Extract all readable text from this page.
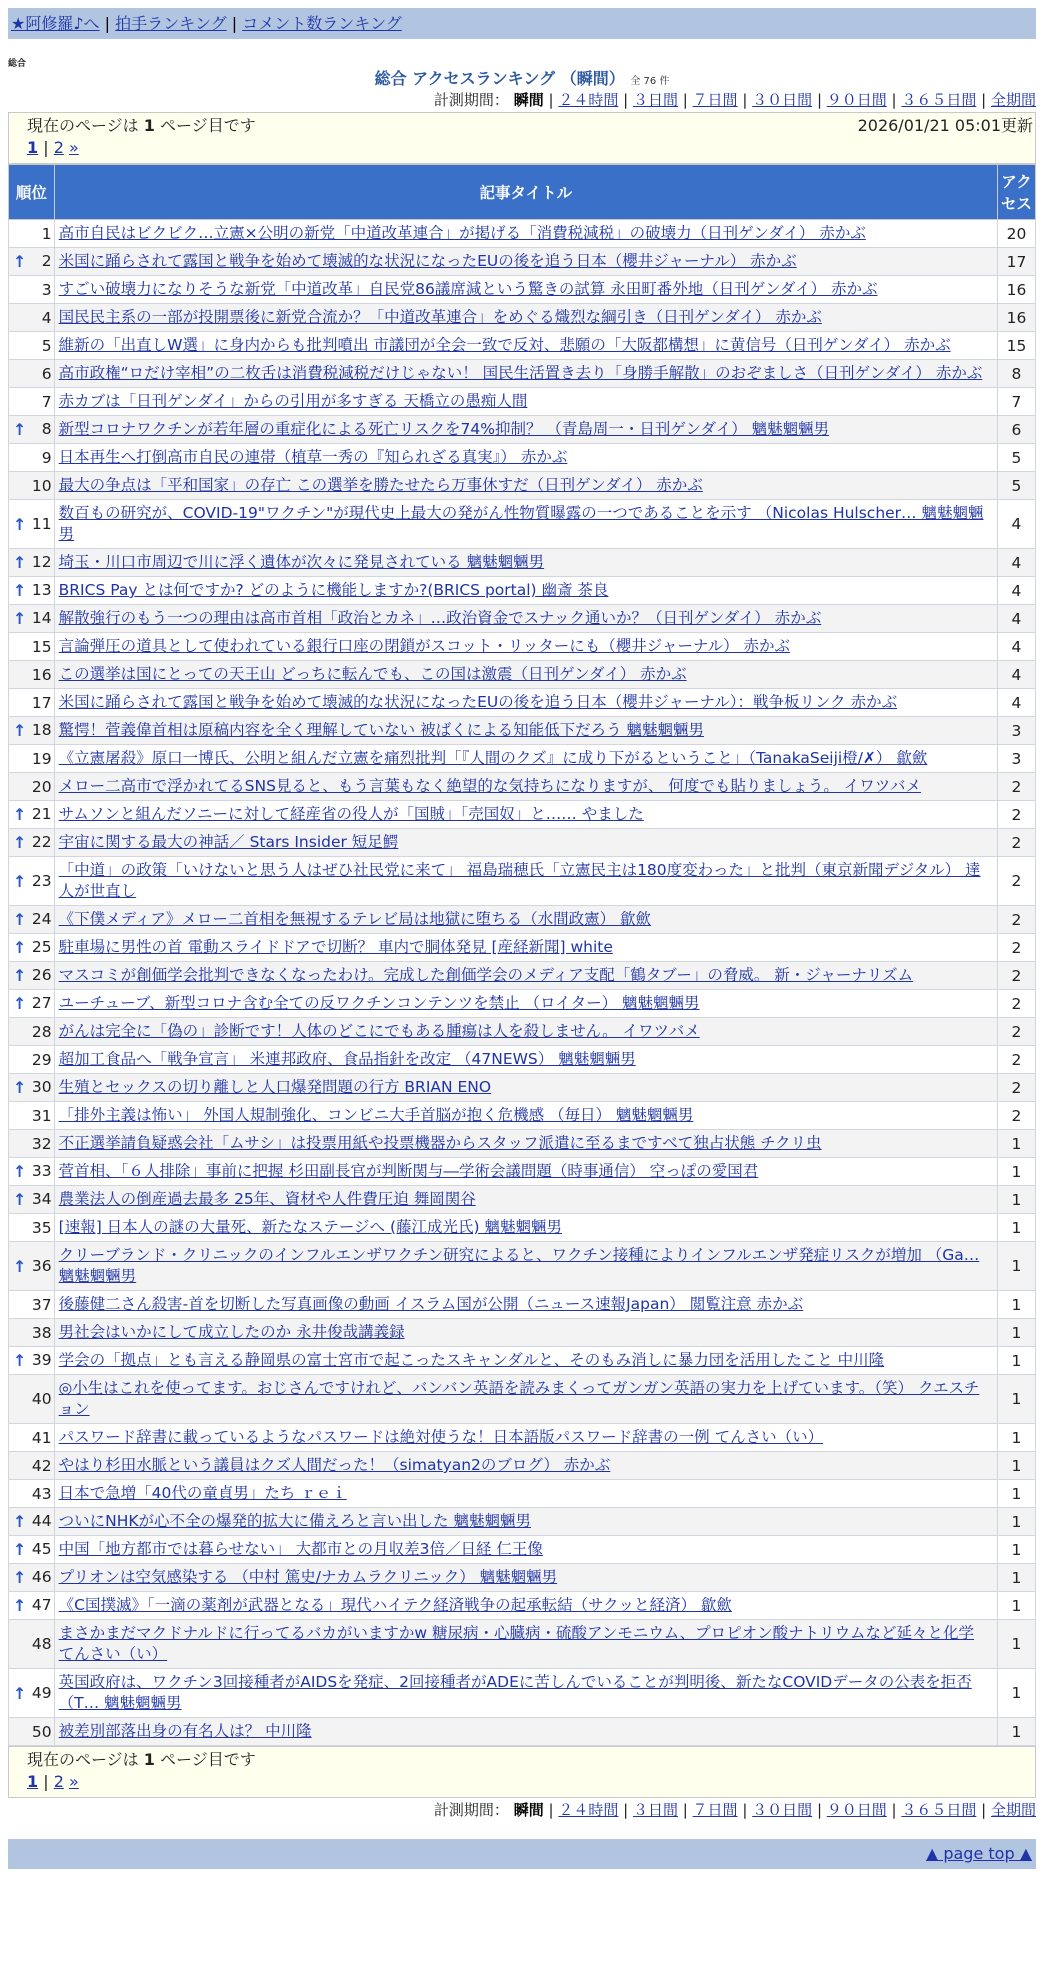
★阿修羅♪へ | 拍手ランキング | コメント数ランキング
総合
総合 アクセスランキング （瞬間） 全 76 件
計測期間： 瞬間 | ２４時間 | ３日間 | ７日間 | ３０日間 | ９０日間 | ３６５日間 | 全期間
現在のページは 1 ページ目です	2026/01/21 05:01更新
1 | 2 »
順位	記事タイトル	アクセス
1	高市自民はビクビク…立憲×公明の新党「中道改革連合」が掲げる「消費税減税」の破壊力（日刊ゲンダイ） 赤かぶ	20

↑ 2	米国に踊らされて露国と戦争を始めて壊滅的な状況になったEUの後を追う日本（櫻井ジャーナル） 赤かぶ	17
3	すごい破壊力になりそうな新党「中道改革」自民党86議席減という驚きの試算 永田町番外地（日刊ゲンダイ） 赤かぶ	16
4	国民民主系の一部が投開票後に新党合流か？「中道改革連合」をめぐる熾烈な綱引き（日刊ゲンダイ） 赤かぶ	16
5	維新の「出直しW選」に身内からも批判噴出 市議団が全会一致で反対、悲願の「大阪都構想」に黄信号（日刊ゲンダイ） 赤かぶ	15
6	高市政権“ロだけ宰相”の二枚舌は消費税減税だけじゃない！ 国民生活置き去り「身勝手解散」のおぞましさ（日刊ゲンダイ） 赤かぶ	8
7	赤カブは「日刊ゲンダイ」からの引用が多すぎる 天橋立の愚痴人間	7

↑ 8	新型コロナワクチンが若年層の重症化による死亡リスクを74%抑制？ （青島周一・日刊ゲンダイ） 魑魅魍魎男	6
9	日本再生へ打倒高市自民の連帯（植草一秀の『知られざる真実』） 赤かぶ	5
10	最大の争点は「平和国家」の存亡 この選挙を勝たせたら万事休すだ（日刊ゲンダイ） 赤かぶ	5

↑ 11	数百もの研究が、COVID-19"ワクチン"が現代史上最大の発がん性物質曝露の一つであることを示す （Nicolas Hulscher… 魑魅魍魎男	4

↑ 12	埼玉・川口市周辺で川に浮く遺体が次々に発見されている 魑魅魍魎男	4

↑ 13	BRICS Pay とは何ですか? どのように機能しますか?(BRICS portal) 幽斎 茶良	4

↑ 14	解散強行のもう一つの理由は高市首相「政治とカネ」…政治資金でスナック通いか？（日刊ゲンダイ） 赤かぶ	4
15	言論弾圧の道具として使われている銀行口座の閉鎖がスコット・リッターにも（櫻井ジャーナル） 赤かぶ	4
16	この選挙は国にとっての天王山 どっちに転んでも、この国は激震（日刊ゲンダイ） 赤かぶ	4
17	米国に踊らされて露国と戦争を始めて壊滅的な状況になったEUの後を追う日本（櫻井ジャーナル）：戦争板リンク 赤かぶ	4

↑ 18	驚愕！菅義偉首相は原稿内容を全く理解していない 被ばくによる知能低下だろう 魑魅魍魎男	3
19	《立憲屠殺》原口一博氏、公明と組んだ立憲を痛烈批判「『人間のクズ』に成り下がるということ」（TanakaSeiji橙/✗） 歙歛	3
20	メロー二高市で浮かれてるSNS見ると、もう言葉もなく絶望的な気持ちになりますが、 何度でも貼りましょう。 イワツバメ	2

↑ 21	サムソンと組んだソニーに対して経産省の役人が「国賊」「売国奴」と…… やました	2

↑ 22	宇宙に関する最大の神話／ Stars Insider 短足鰐	2

↑ 23	「中道」の政策「いけないと思う人はぜひ社民党に来て」 福島瑞穂氏「立憲民主は180度変わった」と批判（東京新聞デジタル） 達人が世直し	2

↑ 24	《下僕メディア》メロー二首相を無視するテレビ局は地獄に堕ちる（水間政憲） 歙歛	2

↑ 25	駐車場に男性の首 電動スライドドアで切断？ 車内で胴体発見 [産経新聞] white	2

↑ 26	マスコミが創価学会批判できなくなったわけ。完成した創価学会のメディア支配「鶴タブー」の脅威。 新・ジャーナリズム	2

↑ 27	ユーチューブ、新型コロナ含む全ての反ワクチンコンテンツを禁止 （ロイター） 魑魅魍魎男	2
28	がんは完全に「偽の」診断です！人体のどこにでもある腫瘍は人を殺しません。 イワツバメ	2
29	超加工食品へ「戦争宣言」 米連邦政府、食品指針を改定 （47NEWS） 魑魅魍魎男	2

↑ 30	生殖とセックスの切り離しと人口爆発問題の行方 BRIAN ENO	2
31	「排外主義は怖い」 外国人規制強化、コンビニ大手首脳が抱く危機感 （毎日） 魑魅魍魎男	2
32	不正選挙請負疑惑会社「ムサシ」は投票用紙や投票機器からスタッフ派遣に至るまですべて独占状態 チクリ虫	1

↑ 33	菅首相、「６人排除」事前に把握 杉田副長官が判断関与―学術会議問題（時事通信） 空っぽの愛国君	1

↑ 34	農業法人の倒産過去最多 25年、資材や人件費圧迫 舞岡関谷	1
35	[速報] 日本人の謎の大量死、新たなステージへ (藤江成光氏) 魑魅魍魎男	1

↑ 36	クリーブランド・クリニックのインフルエンザワクチン研究によると、ワクチン接種によりインフルエンザ発症リスクが増加 （Ga… 魑魅魍魎男	1
37	後藤健二さん殺害-首を切断した写真画像の動画 イスラム国が公開（ニュース速報Japan） 閲覧注意 赤かぶ	1
38	男社会はいかにして成立したのか 永井俊哉講義録	1

↑ 39	学会の「拠点」とも言える静岡県の富士宮市で起こったスキャンダルと、そのもみ消しに暴力団を活用したこと 中川隆	1
40	◎小生はこれを使ってます。おじさんですけれど、バンバン英語を読みまくってガンガン英語の実力を上げています。（笑） クエスチョン	1
41	パスワード辞書に載っているようなパスワードは絶対使うな！日本語版パスワード辞書の一例 てんさい（い）	1
42	やはり杉田水脈という議員はクズ人間だった！（simatyan2のブログ） 赤かぶ	1
43	日本で急増「40代の童貞男」たち ｒｅｉ	1

↑ 44	ついにNHKが心不全の爆発的拡大に備えろと言い出した 魑魅魍魎男	1

↑ 45	中国「地方都市では暮らせない」 大都市との月収差3倍／日経 仁王像	1

↑ 46	プリオンは空気感染する （中村 篤史/ナカムラクリニック） 魑魅魍魎男	1

↑ 47	《C国撲滅》「一滴の薬剤が武器となる」現代ハイテク経済戦争の起承転結（サクッと経済） 歙歛	1
48	まさかまだマクドナルドに行ってるバカがいますかw 糖尿病・心臓病・硫酸アンモニウム、プロピオン酸ナトリウムなど延々と化学 てんさい（い）	1

↑ 49	英国政府は、ワクチン3回接種者がAIDSを発症、2回接種者がADEに苦しんでいることが判明後、新たなCOVIDデータの公表を拒否 （T… 魑魅魍魎男	1
50	被差別部落出身の有名人は？ 中川隆	1
現在のページは 1 ページ目です
1 | 2 »
計測期間： 瞬間 | ２４時間 | ３日間 | ７日間 | ３０日間 | ９０日間 | ３６５日間 | 全期間
▲ page top ▲
